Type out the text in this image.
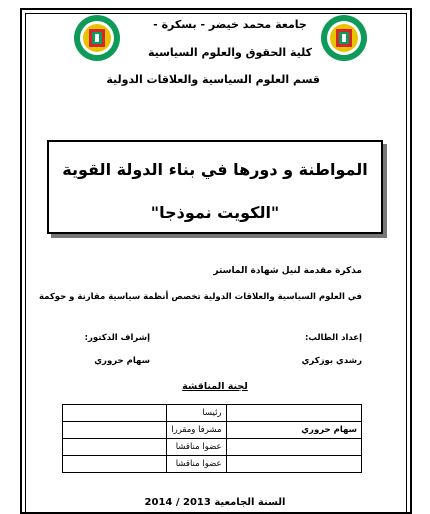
جامعة محمد خيضر - بسكرة -
كلية الحقوق والعلوم السياسية
قسم العلوم السياسية والعلاقات الدولية
المواطنة و دورها في بناء الدولة القوية
"الكويت نموذجا"
مذكرة مقدمة لنيل شهادة الماستر
في العلوم السياسية والعلاقات الدولية تخصص أنظمة سياسية مقارنة و حوكمة
إعداد الطالب:
إشراف الدكتور:
رشدي بوزكري
سهام حروري
لجنة المناقشة
	رئيسا	
سهام حروري	مشرفا ومقررا	
	عضوا مناقشا	
	عضوا مناقشا	
السنة الجامعية 2013 / 2014
